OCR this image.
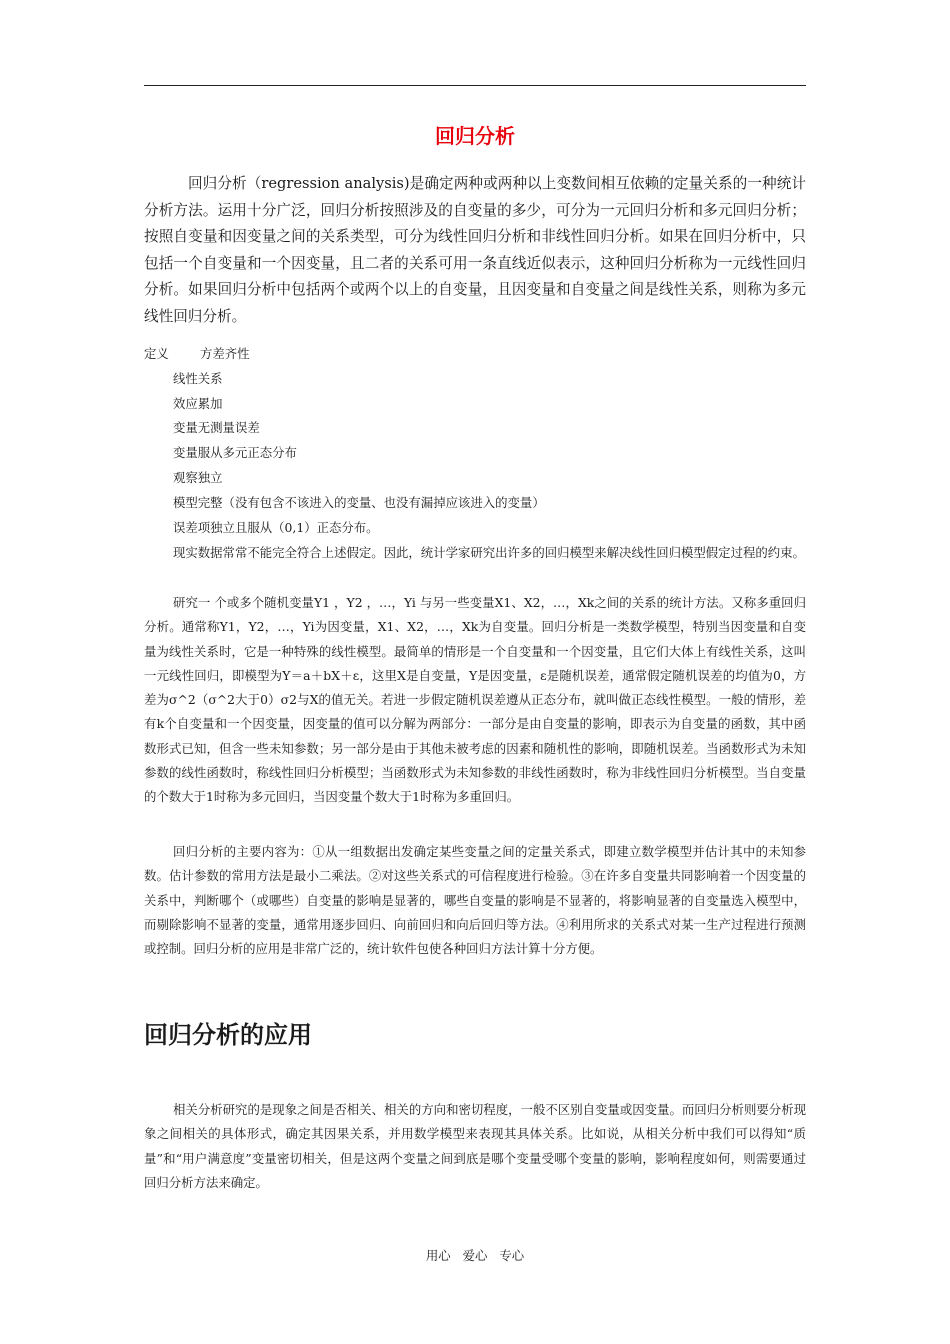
回归分析

回归分析（regression analysis)是确定两种或两种以上变数间相互依赖的定量关系的一种统计分析方法。运用十分广泛，回归分析按照涉及的自变量的多少，可分为一元回归分析和多元回归分析；按照自变量和因变量之间的关系类型，可分为线性回归分析和非线性回归分析。如果在回归分析中，只包括一个自变量和一个因变量，且二者的关系可用一条直线近似表示，这种回归分析称为一元线性回归分析。如果回归分析中包括两个或两个以上的自变量，且因变量和自变量之间是线性关系，则称为多元线性回归分析。

定义	方差齐性
线性关系
效应累加
变量无测量误差
变量服从多元正态分布
观察独立
模型完整（没有包含不该进入的变量、也没有漏掉应该进入的变量）
误差项独立且服从（0,1）正态分布。

现实数据常常不能完全符合上述假定。因此，统计学家研究出许多的回归模型来解决线性回归模型假定过程的约束。

研究一 个或多个随机变量Y1 ，Y2 ，…，Yi 与另一些变量X1、X2，…，Xk之间的关系的统计方法。又称多重回归分析。通常称Y1，Y2，…，Yi为因变量，X1、X2，…，Xk为自变量。回归分析是一类数学模型，特别当因变量和自变量为线性关系时，它是一种特殊的线性模型。最简单的情形是一个自变量和一个因变量，且它们大体上有线性关系，这叫一元线性回归，即模型为Y＝a＋bX＋ε，这里X是自变量，Y是因变量，ε是随机误差，通常假定随机误差的均值为0，方差为σ^2（σ^2大于0）σ2与X的值无关。若进一步假定随机误差遵从正态分布，就叫做正态线性模型。一般的情形，差有k个自变量和一个因变量，因变量的值可以分解为两部分：一部分是由自变量的影响，即表示为自变量的函数，其中函数形式已知，但含一些未知参数；另一部分是由于其他未被考虑的因素和随机性的影响，即随机误差。当函数形式为未知参数的线性函数时，称线性回归分析模型；当函数形式为未知参数的非线性函数时，称为非线性回归分析模型。当自变量的个数大于1时称为多元回归，当因变量个数大于1时称为多重回归。

回归分析的主要内容为：①从一组数据出发确定某些变量之间的定量关系式，即建立数学模型并估计其中的未知参数。估计参数的常用方法是最小二乘法。②对这些关系式的可信程度进行检验。③在许多自变量共同影响着一个因变量的关系中，判断哪个（或哪些）自变量的影响是显著的，哪些自变量的影响是不显著的，将影响显著的自变量选入模型中，而剔除影响不显著的变量，通常用逐步回归、向前回归和向后回归等方法。④利用所求的关系式对某一生产过程进行预测或控制。回归分析的应用是非常广泛的，统计软件包使各种回归方法计算十分方便。

回归分析的应用

相关分析研究的是现象之间是否相关、相关的方向和密切程度，一般不区别自变量或因变量。而回归分析则要分析现象之间相关的具体形式，确定其因果关系，并用数学模型来表现其具体关系。比如说，从相关分析中我们可以得知“质量”和“用户满意度”变量密切相关，但是这两个变量之间到底是哪个变量受哪个变量的影响，影响程度如何，则需要通过回归分析方法来确定。

用心 爱心 专心
